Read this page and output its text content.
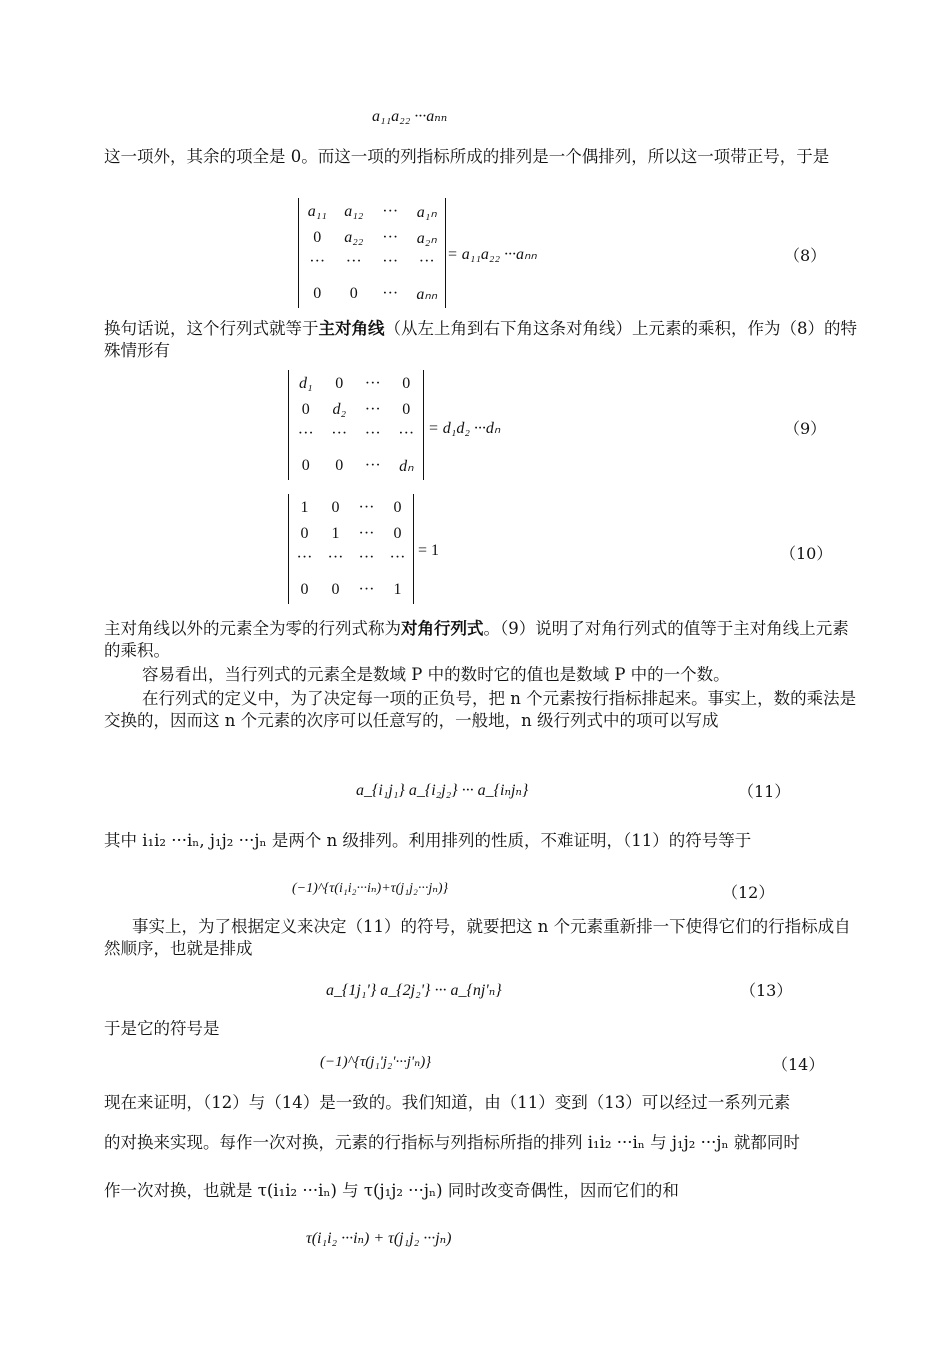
a₁₁a₂₂ ···aₙₙ
这一项外，其余的项全是 0。而这一项的列指标所成的排列是一个偶排列，所以这一项带正号，于是
a₁₁	a₁₂	···	a₁ₙ
0	a₂₂	···	a₂ₙ
···	···	···	···
0	0	···	aₙₙ
= a₁₁a₂₂ ···aₙₙ	（8）
换句话说，这个行列式就等于主对角线（从左上角到右下角这条对角线）上元素的乘积，作为（8）的特殊情形有
d₁	0	···	0
0	d₂	···	0
···	···	···	···
0	0	···	dₙ
= d₁d₂ ···dₙ	（9）
1	0	···	0
0	1	···	0
··· ··· ··· ···
0	0	···	1
= 1	（10）
主对角线以外的元素全为零的行列式称为对角行列式。（9）说明了对角行列式的值等于主对角线上元素的乘积。
容易看出，当行列式的元素全是数域 P 中的数时它的值也是数域 P 中的一个数。
在行列式的定义中，为了决定每一项的正负号，把 n 个元素按行指标排起来。事实上，数的乘法是交换的，因而这 n 个元素的次序可以任意写的，一般地，n 级行列式中的项可以写成
a_{i₁j₁} a_{i₂j₂} ··· a_{iₙjₙ}	（11）
其中 i₁i₂ ···iₙ, j₁j₂ ···jₙ 是两个 n 级排列。利用排列的性质，不难证明，（11）的符号等于
(−1)^{τ(i₁i₂···iₙ)+τ(j₁j₂···jₙ)}	（12）
事实上，为了根据定义来决定（11）的符号，就要把这 n 个元素重新排一下使得它们的行指标成自然顺序，也就是排成
a_{1j₁'} a_{2j₂'} ··· a_{nj'ₙ}	（13）
于是它的符号是
(−1)^{τ(j₁'j₂'···j'ₙ)}	（14）
现在来证明，（12）与（14）是一致的。我们知道，由（11）变到（13）可以经过一系列元素
的对换来实现。每作一次对换，元素的行指标与列指标所指的排列 i₁i₂ ···iₙ 与 j₁j₂ ···jₙ 就都同时
作一次对换，也就是 τ(i₁i₂ ···iₙ) 与 τ(j₁j₂ ···jₙ) 同时改变奇偶性，因而它们的和
τ(i₁i₂ ···iₙ) + τ(j₁j₂ ···jₙ)
